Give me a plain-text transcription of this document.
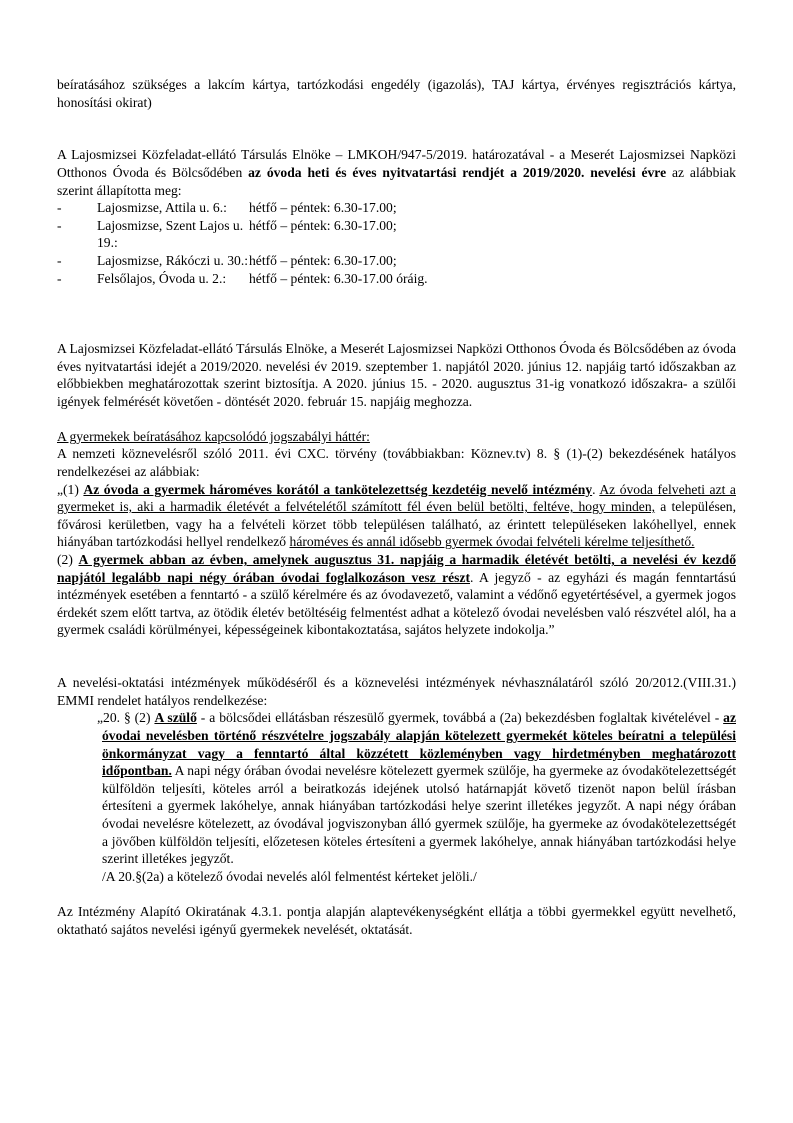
beíratásához szükséges a lakcím kártya, tartózkodási engedély (igazolás), TAJ kártya, érvényes regisztrációs kártya, honosítási okirat)

A Lajosmizsei Közfeladat-ellátó Társulás Elnöke – LMKOH/947-5/2019. határozatával - a Meserét Lajosmizsei Napközi Otthonos Óvoda és Bölcsődében az óvoda heti és éves nyitvatartási rendjét a 2019/2020. nevelési évre az alábbiak szerint állapította meg:

-	Lajosmizse, Attila u. 6.:	hétfő – péntek: 6.30-17.00;
-	Lajosmizse, Szent Lajos u. 19.:
hétfő – péntek: 6.30-17.00;
-	Lajosmizse, Rákóczi u. 30.: hétfő – péntek: 6.30-17.00;
-	Felsőlajos, Óvoda u. 2.:	hétfő – péntek: 6.30-17.00 óráig.

A Lajosmizsei Közfeladat-ellátó Társulás Elnöke, a Meserét Lajosmizsei Napközi Otthonos Óvoda és Bölcsődében az óvoda éves nyitvatartási idejét a 2019/2020. nevelési év 2019. szeptember 1. napjától 2020. június 12. napjáig tartó időszakban az előbbiekben meghatározottak szerint biztosítja. A 2020. június 15. - 2020. augusztus 31-ig vonatkozó időszakra- a szülői igények felmérését követően - döntését 2020. február 15. napjáig meghozza.

A gyermekek beíratásához kapcsolódó jogszabályi háttér:

A nemzeti köznevelésről szóló 2011. évi CXC. törvény (továbbiakban: Köznev.tv) 8. § (1)-(2) bekezdésének hatályos rendelkezései az alábbiak:

„(1) Az óvoda a gyermek hároméves korától a tankötelezettség kezdetéig nevelő intézmény. Az óvoda felveheti azt a gyermeket is, aki a harmadik életévét a felvételétől számított fél éven belül betölti, feltéve, hogy minden, a településen, fővárosi kerületben, vagy ha a felvételi körzet több településen található, az érintett településeken lakóhellyel, ennek hiányában tartózkodási hellyel rendelkező hároméves és annál idősebb gyermek óvodai felvételi kérelme teljesíthető.

(2) A gyermek abban az évben, amelynek augusztus 31. napjáig a harmadik életévét betölti, a nevelési év kezdő napjától legalább napi négy órában óvodai foglalkozáson vesz részt. A jegyző - az egyházi és magán fenntartású intézmények esetében a fenntartó - a szülő kérelmére és az óvodavezető, valamint a védőnő egyetértésével, a gyermek jogos érdekét szem előtt tartva, az ötödik életév betöltéséig felmentést adhat a kötelező óvodai nevelésben való részvétel alól, ha a gyermek családi körülményei, képességeinek kibontakoztatása, sajátos helyzete indokolja.”

A nevelési-oktatási intézmények működéséről és a köznevelési intézmények névhasználatáról szóló 20/2012.(VIII.31.) EMMI rendelet hatályos rendelkezése:

„20. § (2) A szülő - a bölcsődei ellátásban részesülő gyermek, továbbá a (2a) bekezdésben foglaltak kivételével - az óvodai nevelésben történő részvételre jogszabály alapján kötelezett gyermekét köteles beíratni a települési önkormányzat vagy a fenntartó által közzétett közleményben vagy hirdetményben meghatározott időpontban. A napi négy órában óvodai nevelésre kötelezett gyermek szülője, ha gyermeke az óvodakötelezettségét külföldön teljesíti, köteles arról a beiratkozás idejének utolsó határnapját követő tizenöt napon belül írásban értesíteni a gyermek lakóhelye, annak hiányában tartózkodási helye szerint illetékes jegyzőt. A napi négy órában óvodai nevelésre kötelezett, az óvodával jogviszonyban álló gyermek szülője, ha gyermeke az óvodakötelezettségét a jövőben külföldön teljesíti, előzetesen köteles értesíteni a gyermek lakóhelye, annak hiányában tartózkodási helye szerint illetékes jegyzőt.

/A 20.§(2a) a kötelező óvodai nevelés alól felmentést kérteket jelöli./

Az Intézmény Alapító Okiratának 4.3.1. pontja alapján alaptevékenységként ellátja a többi gyermekkel együtt nevelhető, oktatható sajátos nevelési igényű gyermekek nevelését, oktatását.
